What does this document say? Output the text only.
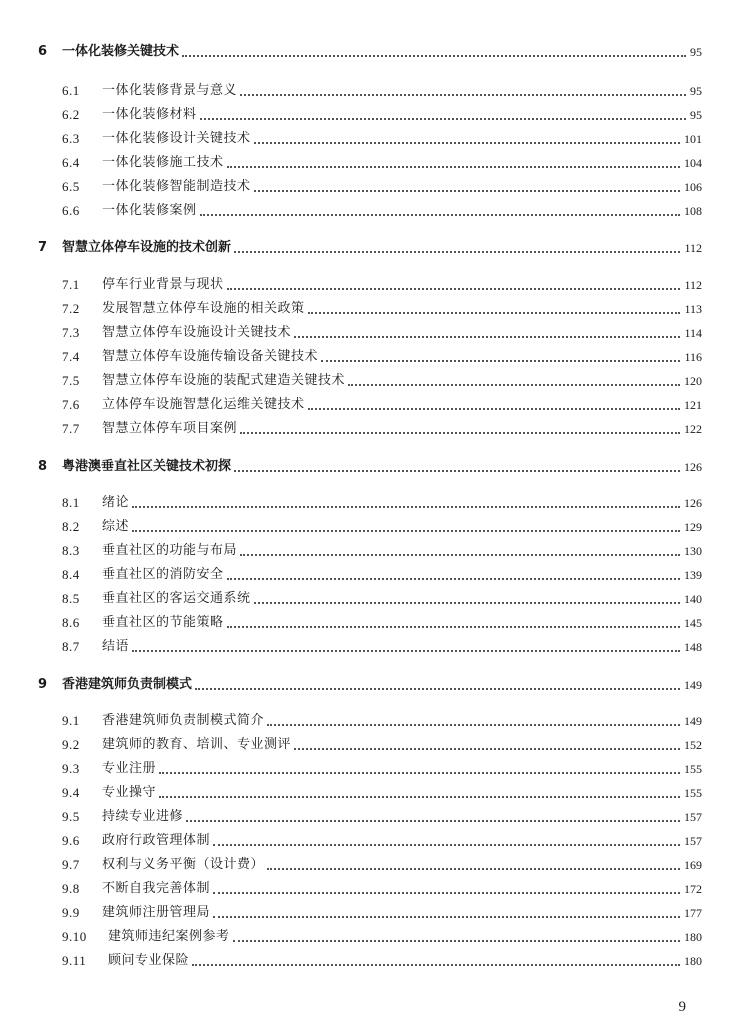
6	一体化装修关键技术	95
6.1	一体化装修背景与意义	95
6.2	一体化装修材料	95
6.3	一体化装修设计关键技术	101
6.4	一体化装修施工技术	104
6.5	一体化装修智能制造技术	106
6.6	一体化装修案例	108
7	智慧立体停车设施的技术创新	112
7.1	停车行业背景与现状	112
7.2	发展智慧立体停车设施的相关政策	113
7.3	智慧立体停车设施设计关键技术	114
7.4	智慧立体停车设施传输设备关键技术	116
7.5	智慧立体停车设施的装配式建造关键技术	120
7.6	立体停车设施智慧化运维关键技术	121
7.7	智慧立体停车项目案例	122
8	粤港澳垂直社区关键技术初探	126
8.1	绪论	126
8.2	综述	129
8.3	垂直社区的功能与布局	130
8.4	垂直社区的消防安全	139
8.5	垂直社区的客运交通系统	140
8.6	垂直社区的节能策略	145
8.7	结语	148
9	香港建筑师负责制模式	149
9.1	香港建筑师负责制模式简介	149
9.2	建筑师的教育、培训、专业测评	152
9.3	专业注册	155
9.4	专业操守	155
9.5	持续专业进修	157
9.6	政府行政管理体制	157
9.7	权利与义务平衡（设计费）	169
9.8	不断自我完善体制	172
9.9	建筑师注册管理局	177
9.10	建筑师违纪案例参考	180
9.11	顾问专业保险	180
9
